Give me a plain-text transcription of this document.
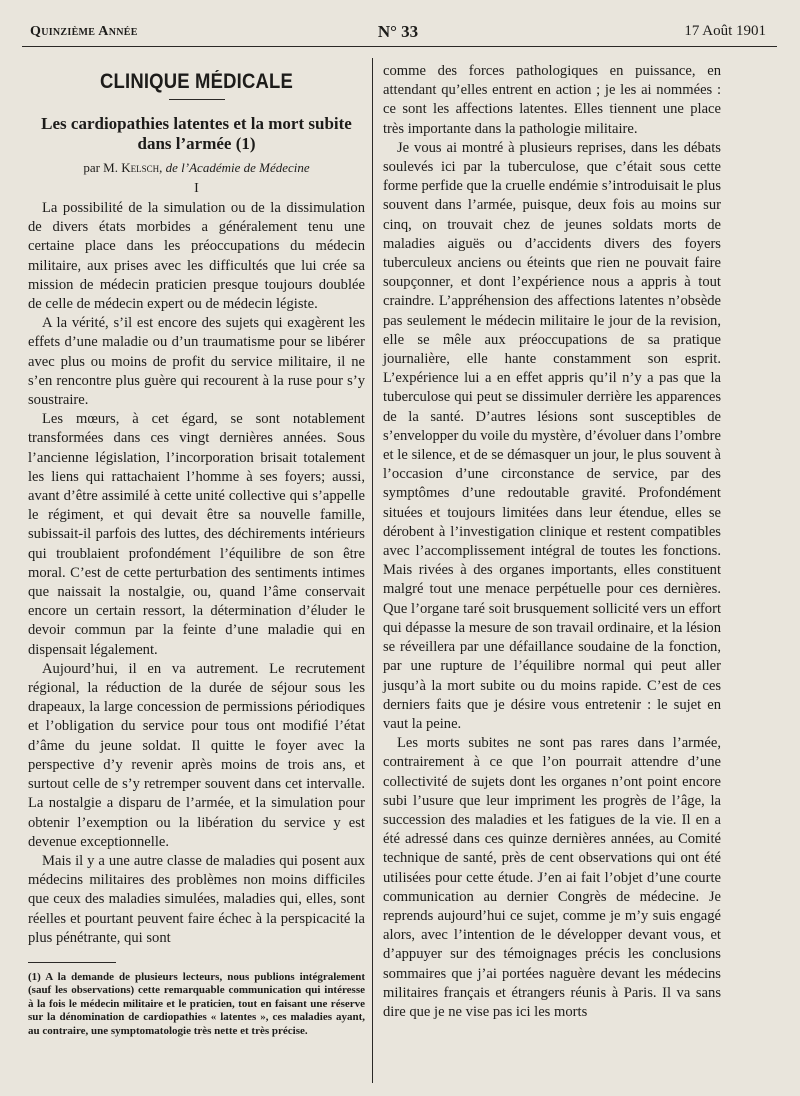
Quinzième Année	N° 33	17 Août 1901
CLINIQUE MÉDICALE
Les cardiopathies latentes et la mort subite dans l’armée (1)
par M. Kelsch, de l’Académie de Médecine
I

La possibilité de la simulation ou de la dissimulation de divers états morbides a généralement tenu une certaine place dans les préoccupations du médecin militaire, aux prises avec les difficultés que lui crée sa mission de médecin praticien presque toujours doublée de celle de médecin expert ou de médecin légiste.

A la vérité, s’il est encore des sujets qui exagèrent les effets d’une maladie ou d’un traumatisme pour se libérer avec plus ou moins de profit du service militaire, il ne s’en rencontre plus guère qui recourent à la ruse pour s’y soustraire.

Les mœurs, à cet égard, se sont notablement transformées dans ces vingt dernières années. Sous l’ancienne législation, l’incorporation brisait totalement les liens qui rattachaient l’homme à ses foyers; aussi, avant d’être assimilé à cette unité collective qui s’appelle le régiment, et qui devait être sa nouvelle famille, subissait-il parfois des luttes, des déchirements intérieurs qui troublaient profondément l’équilibre de son être moral. C’est de cette perturbation des sentiments intimes que naissait la nostalgie, ou, quand l’âme conservait encore un certain ressort, la détermination d’éluder le devoir commun par la feinte d’une maladie qui en dispensait légalement.

Aujourd’hui, il en va autrement. Le recrutement régional, la réduction de la durée de séjour sous les drapeaux, la large concession de permissions périodiques et l’obligation du service pour tous ont modifié l’état d’âme du jeune soldat. Il quitte le foyer avec la perspective d’y revenir après moins de trois ans, et surtout celle de s’y retremper souvent dans cet intervalle. La nostalgie a disparu de l’armée, et la simulation pour obtenir l’exemption ou la libération du service y est devenue exceptionnelle.

Mais il y a une autre classe de maladies qui posent aux médecins militaires des problèmes non moins difficiles que ceux des maladies simulées, maladies qui, elles, sont réelles et pourtant peuvent faire échec à la perspicacité la plus pénétrante, qui sont

(1) A la demande de plusieurs lecteurs, nous publions intégralement (sauf les observations) cette remarquable communication qui intéresse à la fois le médecin militaire et le praticien, tout en faisant une réserve sur la dénomination de cardiopathies « latentes », ces maladies ayant, au contraire, une symptomatologie très nette et très précise.

comme des forces pathologiques en puissance, en attendant qu’elles entrent en action ; je les ai nommées : ce sont les affections latentes. Elles tiennent une place très importante dans la pathologie militaire.

Je vous ai montré à plusieurs reprises, dans les débats soulevés ici par la tuberculose, que c’était sous cette forme perfide que la cruelle endémie s’introduisait le plus souvent dans l’armée, puisque, deux fois au moins sur cinq, on trouvait chez de jeunes soldats morts de maladies aiguës ou d’accidents divers des foyers tuberculeux anciens ou éteints que rien ne pouvait faire soupçonner, et dont l’expérience nous a appris à tout craindre. L’appréhension des affections latentes n’obsède pas seulement le médecin militaire le jour de la revision, elle se mêle aux préoccupations de sa pratique journalière, elle hante constamment son esprit. L’expérience lui a en effet appris qu’il n’y a pas que la tuberculose qui peut se dissimuler derrière les apparences de la santé. D’autres lésions sont susceptibles de s’envelopper du voile du mystère, d’évoluer dans l’ombre et le silence, et de se démasquer un jour, le plus souvent à l’occasion d’une circonstance de service, par des symptômes d’une redoutable gravité. Profondément situées et toujours limitées dans leur étendue, elles se dérobent à l’investigation clinique et restent compatibles avec l’accomplissement intégral de toutes les fonctions. Mais rivées à des organes importants, elles constituent malgré tout une menace perpétuelle pour ces dernières. Que l’organe taré soit brusquement sollicité vers un effort qui dépasse la mesure de son travail ordinaire, et la lésion se réveillera par une défaillance soudaine de la fonction, par une rupture de l’équilibre normal qui peut aller jusqu’à la mort subite ou du moins rapide. C’est de ces derniers faits que je désire vous entretenir : le sujet en vaut la peine.

Les morts subites ne sont pas rares dans l’armée, contrairement à ce que l’on pourrait attendre d’une collectivité de sujets dont les organes n’ont point encore subi l’usure que leur impriment les progrès de l’âge, la succession des maladies et les fatigues de la vie. Il en a été adressé dans ces quinze dernières années, au Comité technique de santé, près de cent observations qui ont été utilisées pour cette étude. J’en ai fait l’objet d’une courte communication au dernier Congrès de médecine. Je reprends aujourd’hui ce sujet, comme je m’y suis engagé alors, avec l’intention de le développer devant vous, et d’appuyer sur des témoignages précis les conclusions sommaires que j’ai portées naguère devant les médecins militaires français et étrangers réunis à Paris. Il va sans dire que je ne vise pas ici les morts
